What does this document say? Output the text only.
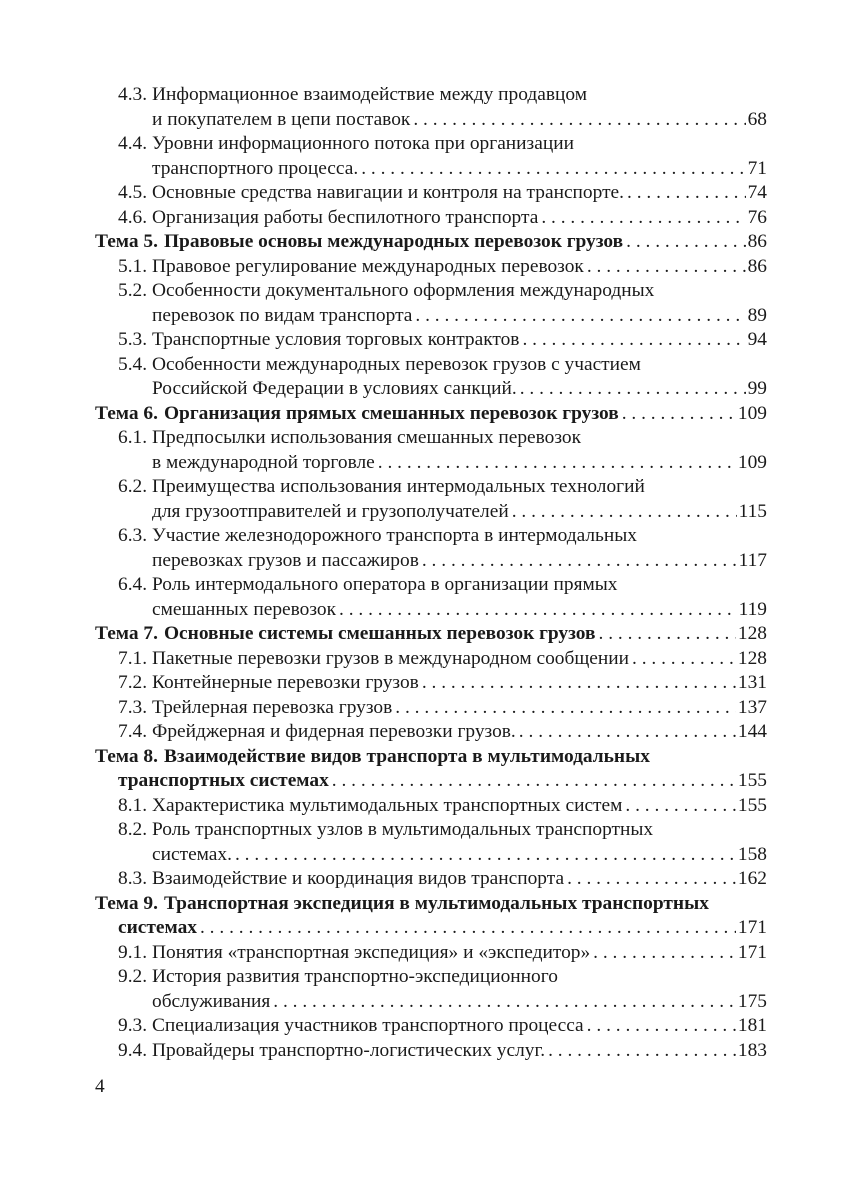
4.3. Информационное взаимодействие между продавцом
и покупателем в цепи поставок . . .	68
4.4. Уровни информационного потока при организации
транспортного процесса. . . .	71
4.5. Основные средства навигации и контроля на транспорте. . . .	74
4.6. Организация работы беспилотного транспорта . . .	76
Тема 5. Правовые основы международных перевозок грузов . . .	86
5.1. Правовое регулирование международных перевозок . . .	86
5.2. Особенности документального оформления международных
перевозок по видам транспорта . . .	89
5.3. Транспортные условия торговых контрактов . . .	94
5.4. Особенности международных перевозок грузов с участием
Российской Федерации в условиях санкций. . . .	99
Тема 6. Организация прямых смешанных перевозок грузов . . .	109
6.1. Предпосылки использования смешанных перевозок
в международной торговле . . .	109
6.2. Преимущества использования интермодальных технологий
для грузоотправителей и грузополучателей . . .	115
6.3. Участие железнодорожного транспорта в интермодальных
перевозках грузов и пассажиров . . .	117
6.4. Роль интермодального оператора в организации прямых
смешанных перевозок . . .	119
Тема 7. Основные системы смешанных перевозок грузов . . .	128
7.1. Пакетные перевозки грузов в международном сообщении . . .	128
7.2. Контейнерные перевозки грузов . . .	131
7.3. Трейлерная перевозка грузов . . .	137
7.4. Фрейджерная и фидерная перевозки грузов. . . .	144
Тема 8. Взаимодействие видов транспорта в мультимодальных
транспортных системах . . .	155
8.1. Характеристика мультимодальных транспортных систем . . .	155
8.2. Роль транспортных узлов в мультимодальных транспортных
системах. . . .	158
8.3. Взаимодействие и координация видов транспорта . . .	162
Тема 9. Транспортная экспедиция в мультимодальных транспортных
системах . . .	171
9.1. Понятия «транспортная экспедиция» и «экспедитор» . . .	171
9.2. История развития транспортно-экспедиционного
обслуживания . . .	175
9.3. Специализация участников транспортного процесса . . .	181
9.4. Провайдеры транспортно-логистических услуг. . . .	183
4
